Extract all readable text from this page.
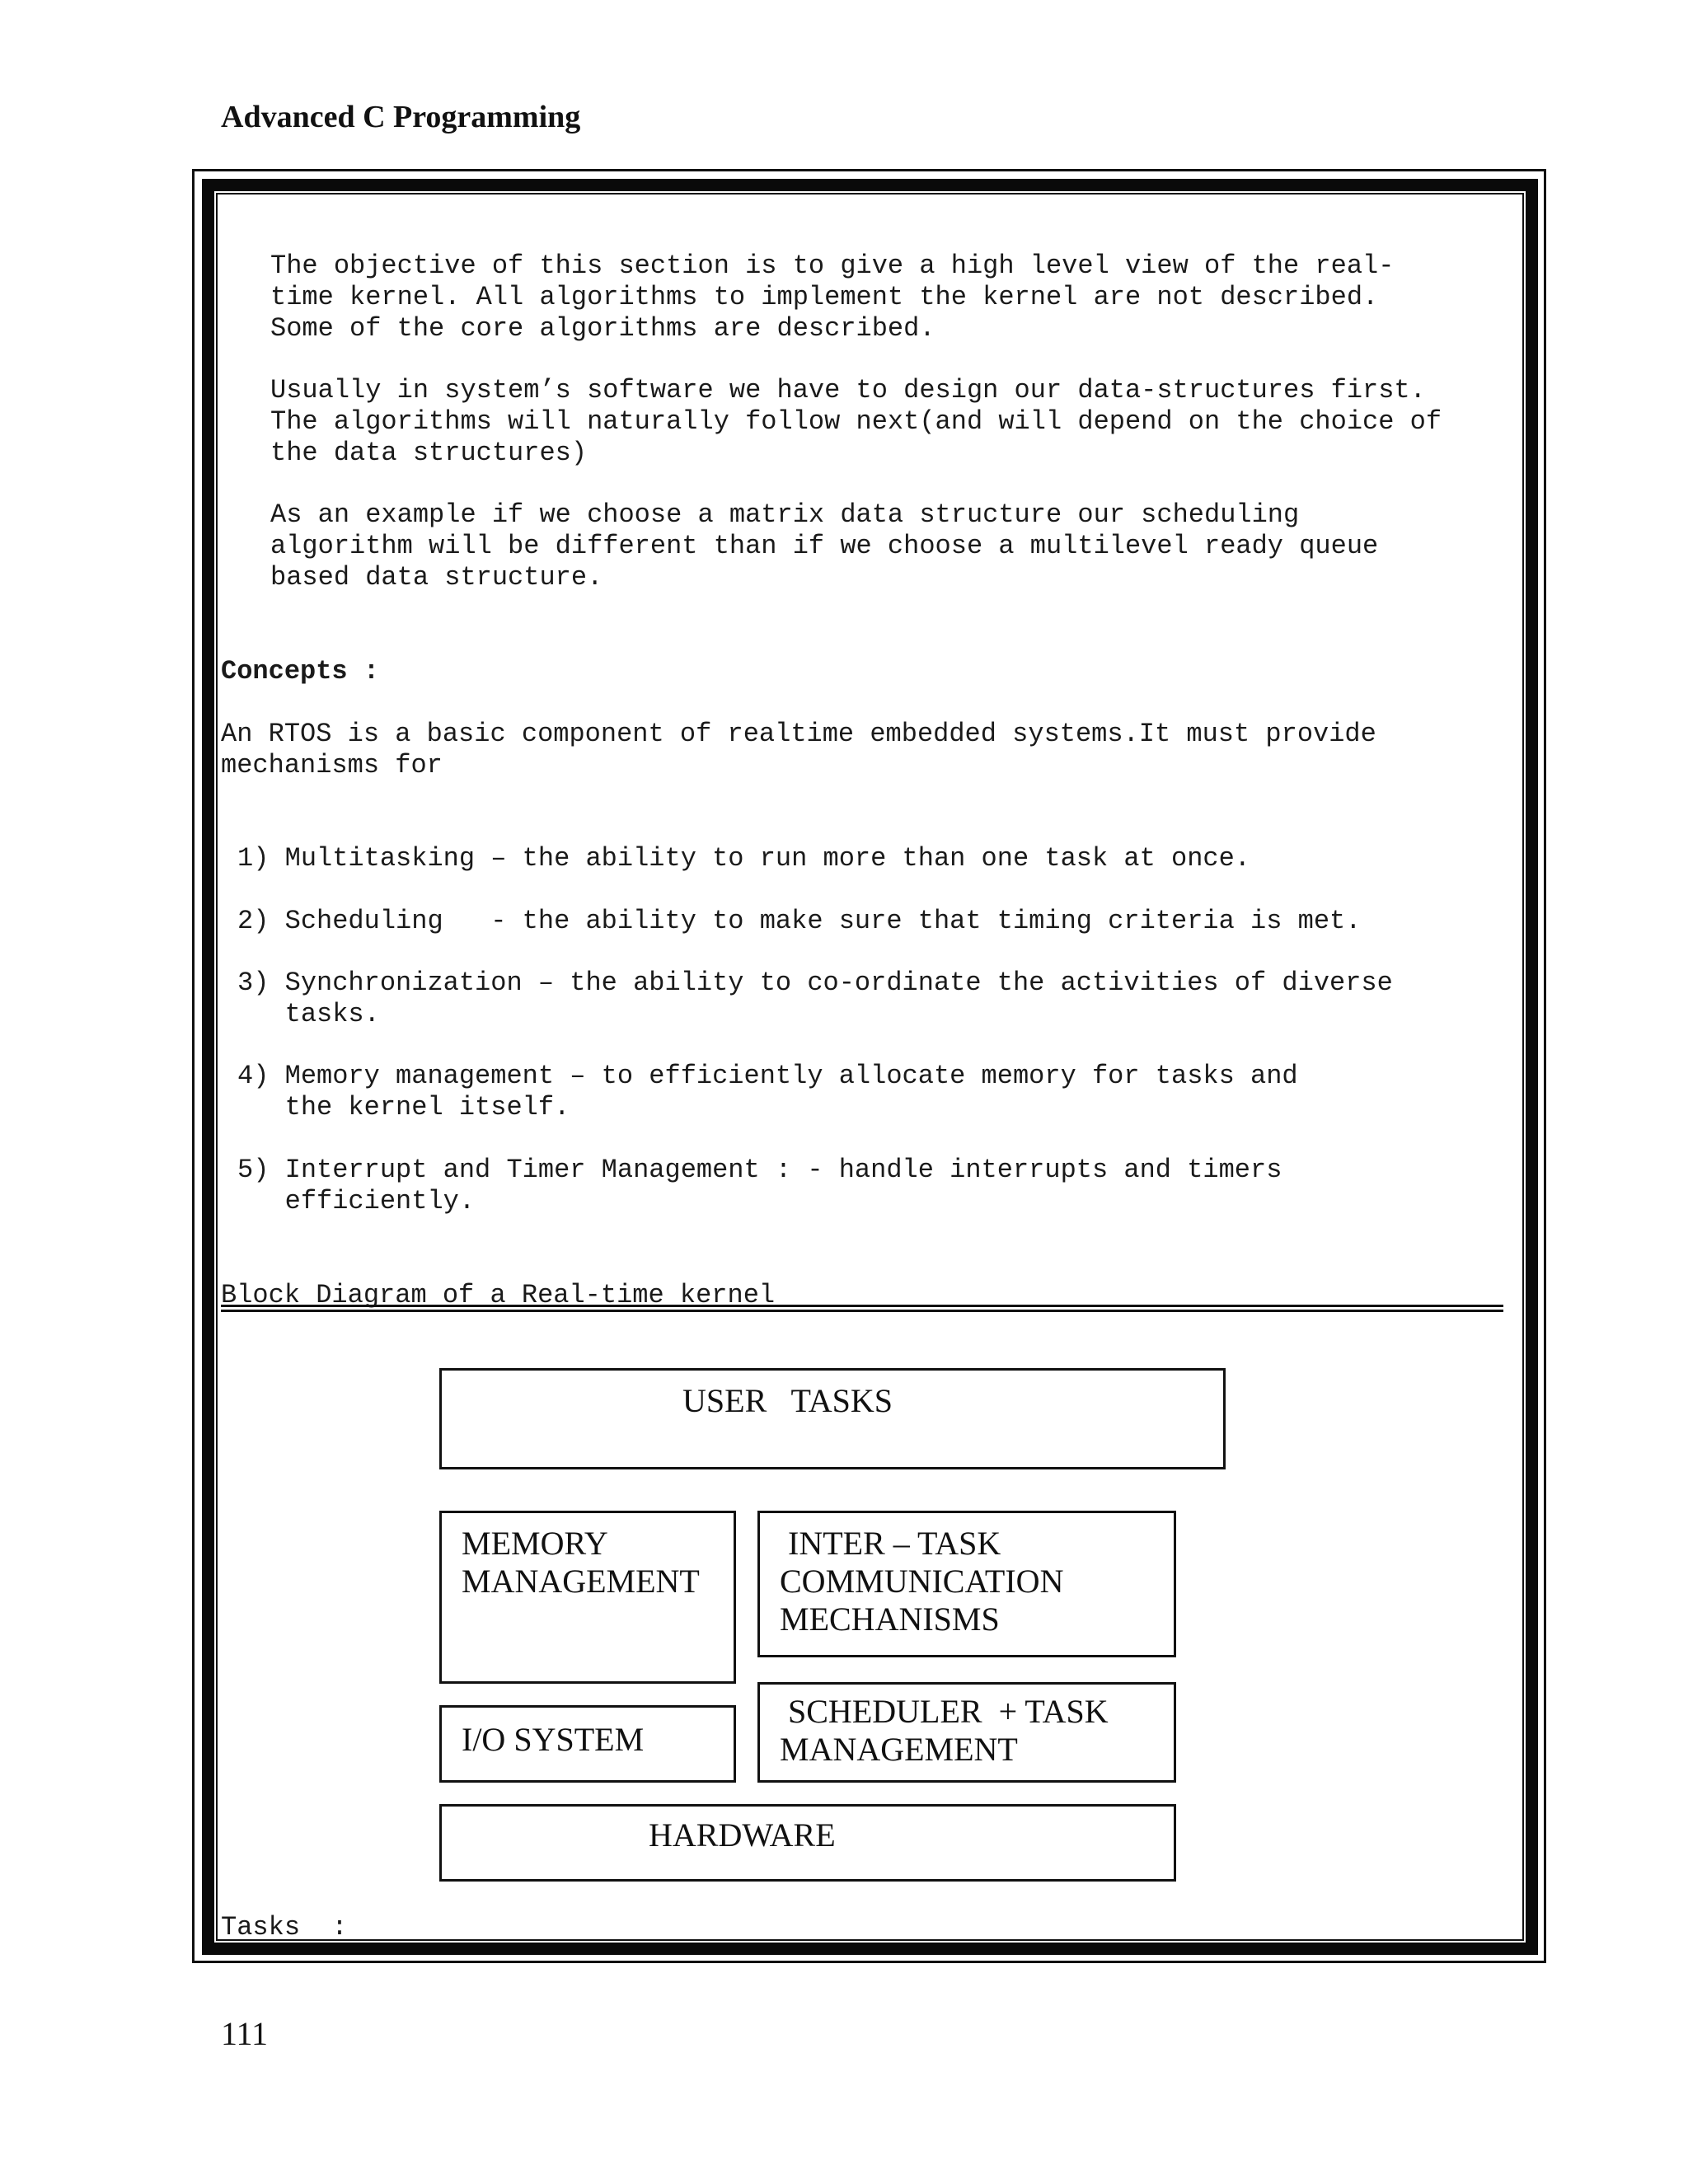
Advanced C Programming
The objective of this section is to give a high level view of the real-
time kernel. All algorithms to implement the kernel are not described.
Some of the core algorithms are described.
Usually in system’s software we have to design our data-structures first.
The algorithms will naturally follow next(and will depend on the choice of
the data structures)
As an example if we choose a matrix data structure our scheduling
algorithm will be different than if we choose a multilevel ready queue
based data structure.
Concepts :
An RTOS is a basic component of realtime embedded systems.It must provide
mechanisms for
1) Multitasking – the ability to run more than one task at once.
2) Scheduling   - the ability to make sure that timing criteria is met.
3) Synchronization – the ability to co-ordinate the activities of diverse
tasks.
4) Memory management – to efficiently allocate memory for tasks and
the kernel itself.
5) Interrupt and Timer Management : - handle interrupts and timers
efficiently.
Block Diagram of a Real-time kernel
USER   TASKS
MEMORY
MANAGEMENT
INTER – TASK
COMMUNICATION
MECHANISMS
I/O SYSTEM
SCHEDULER  + TASK
MANAGEMENT
HARDWARE
Tasks  :
111
